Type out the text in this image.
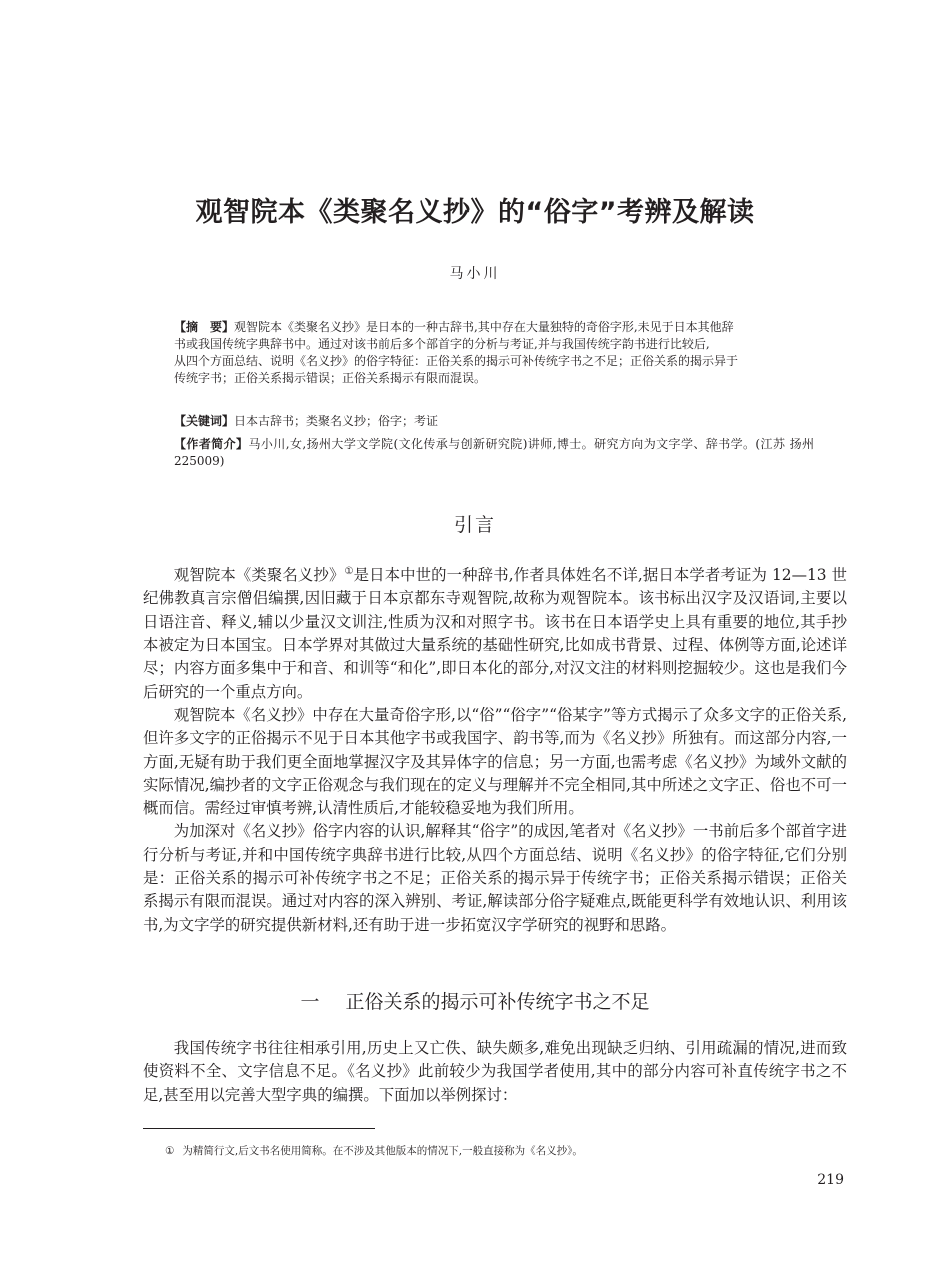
观智院本《类聚名义抄》的“俗字”考辨及解读

马小川

【摘　要】观智院本《类聚名义抄》是日本的一种古辞书,其中存在大量独特的奇俗字形,未见于日本其他辞

书或我国传统字典辞书中。通过对该书前后多个部首字的分析与考证,并与我国传统字韵书进行比较后,

从四个方面总结、说明《名义抄》的俗字特征：正俗关系的揭示可补传统字书之不足；正俗关系的揭示异于

传统字书；正俗关系揭示错误；正俗关系揭示有限而混误。

【关键词】日本古辞书；类聚名义抄；俗字；考证
【作者简介】马小川,女,扬州大学文学院(文化传承与创新研究院)讲师,博士。研究方向为文字学、辞书学。(江苏 扬州 225009)
引言

观智院本《类聚名义抄》①是日本中世的一种辞书,作者具体姓名不详,据日本学者考证为 12—13 世纪佛教真言宗僧侣编撰,因旧藏于日本京都东寺观智院,故称为观智院本。该书标出汉字及汉语词,主要以日语注音、释义,辅以少量汉文训注,性质为汉和对照字书。该书在日本语学史上具有重要的地位,其手抄本被定为日本国宝。日本学界对其做过大量系统的基础性研究,比如成书背景、过程、体例等方面,论述详尽；内容方面多集中于和音、和训等“和化”,即日本化的部分,对汉文注的材料则挖掘较少。这也是我们今后研究的一个重点方向。

观智院本《名义抄》中存在大量奇俗字形,以“俗”“俗字”“俗某字”等方式揭示了众多文字的正俗关系,但许多文字的正俗揭示不见于日本其他字书或我国字、韵书等,而为《名义抄》所独有。而这部分内容,一方面,无疑有助于我们更全面地掌握汉字及其异体字的信息；另一方面,也需考虑《名义抄》为域外文献的实际情况,编抄者的文字正俗观念与我们现在的定义与理解并不完全相同,其中所述之文字正、俗也不可一概而信。需经过审慎考辨,认清性质后,才能较稳妥地为我们所用。

为加深对《名义抄》俗字内容的认识,解释其“俗字”的成因,笔者对《名义抄》一书前后多个部首字进行分析与考证,并和中国传统字典辞书进行比较,从四个方面总结、说明《名义抄》的俗字特征,它们分别是：正俗关系的揭示可补传统字书之不足；正俗关系的揭示异于传统字书；正俗关系揭示错误；正俗关系揭示有限而混误。通过对内容的深入辨别、考证,解读部分俗字疑难点,既能更科学有效地认识、利用该书,为文字学的研究提供新材料,还有助于进一步拓宽汉字学研究的视野和思路。

一 正俗关系的揭示可补传统字书之不足

我国传统字书往往相承引用,历史上又亡佚、缺失颇多,难免出现缺乏归纳、引用疏漏的情况,进而致使资料不全、文字信息不足。《名义抄》此前较少为我国学者使用,其中的部分内容可补直传统字书之不足,甚至用以完善大型字典的编撰。下面加以举例探讨：

① 为精简行文,后文书名使用简称。在不涉及其他版本的情况下,一般直接称为《名义抄》。

219
